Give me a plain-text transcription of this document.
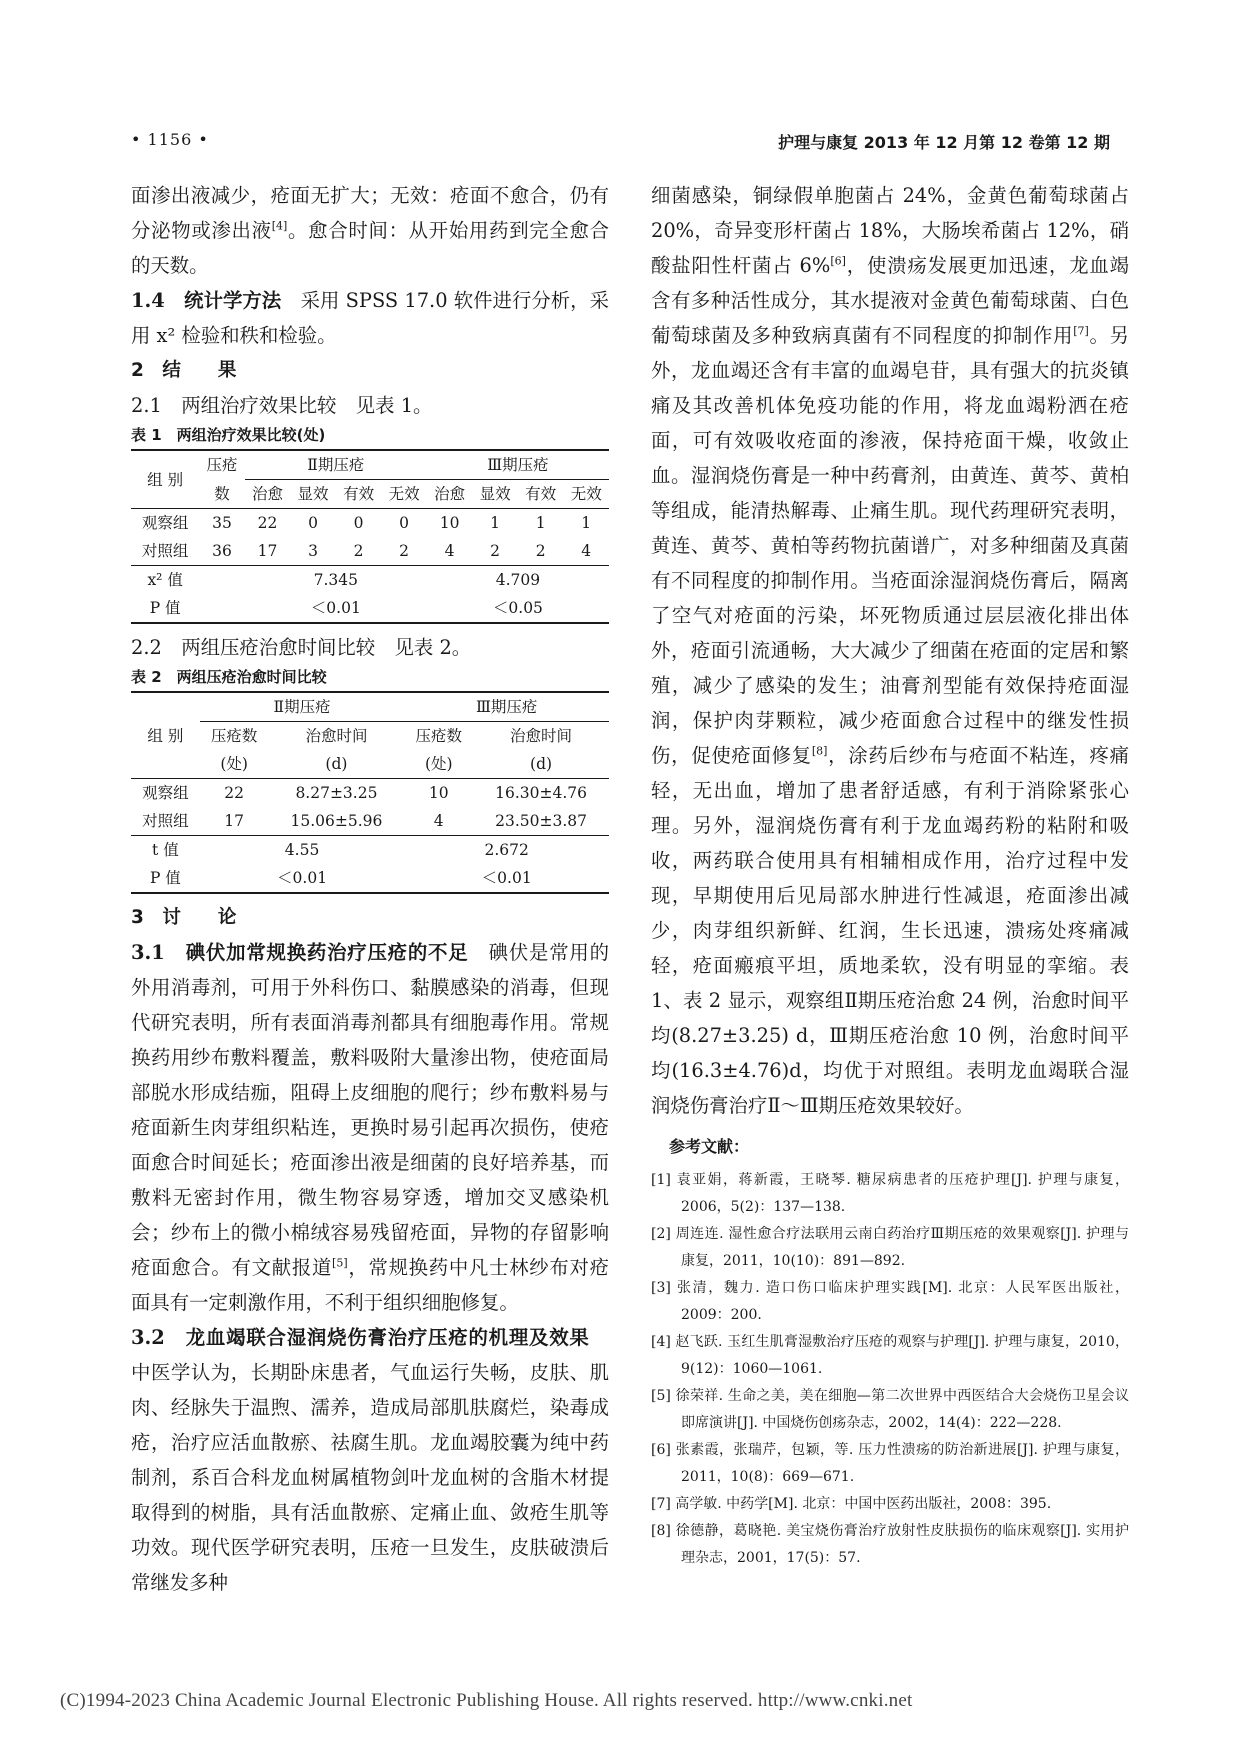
• 1156 •	护理与康复 2013 年 12 月第 12 卷第 12 期

面渗出液减少，疮面无扩大；无效：疮面不愈合，仍有分泌物或渗出液[4]。愈合时间：从开始用药到完全愈合的天数。

1.4　统计学方法　采用 SPSS 17.0 软件进行分析，采用 x² 检验和秩和检验。

2　结　　果

2.1　两组治疗效果比较　见表 1。

表 1　两组治疗效果比较(处)

组 别	压疮	Ⅱ期压疮				Ⅲ期压疮			
	数	治愈	显效	有效	无效	治愈	显效	有效	无效
观察组	35	22	0	0	0	10	1	1	1
对照组	36	17	3	2	2	4	2	2	4
x² 值		7.345				4.709			
P 值		＜0.01				＜0.05			

2.2　两组压疮治愈时间比较　见表 2。

表 2　两组压疮治愈时间比较

组 别	Ⅱ期压疮		Ⅲ期压疮	
	压疮数	治愈时间	压疮数	治愈时间
	(处)	(d)	(处)	(d)
观察组	22	8.27±3.25	10	16.30±4.76
对照组	17	15.06±5.96	4	23.50±3.87
t 值	4.55		2.672	
P 值	＜0.01		＜0.01	

3　讨　　论

3.1　碘伏加常规换药治疗压疮的不足　碘伏是常用的外用消毒剂，可用于外科伤口、黏膜感染的消毒，但现代研究表明，所有表面消毒剂都具有细胞毒作用。常规换药用纱布敷料覆盖，敷料吸附大量渗出物，使疮面局部脱水形成结痂，阻碍上皮细胞的爬行；纱布敷料易与疮面新生肉芽组织粘连，更换时易引起再次损伤，使疮面愈合时间延长；疮面渗出液是细菌的良好培养基，而敷料无密封作用，微生物容易穿透，增加交叉感染机会；纱布上的微小棉绒容易残留疮面，异物的存留影响疮面愈合。有文献报道[5]，常规换药中凡士林纱布对疮面具有一定刺激作用，不利于组织细胞修复。

3.2　龙血竭联合湿润烧伤膏治疗压疮的机理及效果　中医学认为，长期卧床患者，气血运行失畅，皮肤、肌肉、经脉失于温煦、濡养，造成局部肌肤腐烂，染毒成疮，治疗应活血散瘀、祛腐生肌。龙血竭胶囊为纯中药制剂，系百合科龙血树属植物剑叶龙血树的含脂木材提取得到的树脂，具有活血散瘀、定痛止血、敛疮生肌等功效。现代医学研究表明，压疮一旦发生，皮肤破溃后常继发多种

细菌感染，铜绿假单胞菌占 24%，金黄色葡萄球菌占 20%，奇异变形杆菌占 18%，大肠埃希菌占 12%，硝酸盐阳性杆菌占 6%[6]，使溃疡发展更加迅速，龙血竭含有多种活性成分，其水提液对金黄色葡萄球菌、白色葡萄球菌及多种致病真菌有不同程度的抑制作用[7]。另外，龙血竭还含有丰富的血竭皂苷，具有强大的抗炎镇痛及其改善机体免疫功能的作用，将龙血竭粉洒在疮面，可有效吸收疮面的渗液，保持疮面干燥，收敛止血。湿润烧伤膏是一种中药膏剂，由黄连、黄芩、黄柏等组成，能清热解毒、止痛生肌。现代药理研究表明，黄连、黄芩、黄柏等药物抗菌谱广，对多种细菌及真菌有不同程度的抑制作用。当疮面涂湿润烧伤膏后，隔离了空气对疮面的污染，坏死物质通过层层液化排出体外，疮面引流通畅，大大减少了细菌在疮面的定居和繁殖，减少了感染的发生；油膏剂型能有效保持疮面湿润，保护肉芽颗粒，减少疮面愈合过程中的继发性损伤，促使疮面修复[8]，涂药后纱布与疮面不粘连，疼痛轻，无出血，增加了患者舒适感，有利于消除紧张心理。另外，湿润烧伤膏有利于龙血竭药粉的粘附和吸收，两药联合使用具有相辅相成作用，治疗过程中发现，早期使用后见局部水肿进行性减退，疮面渗出减少，肉芽组织新鲜、红润，生长迅速，溃疡处疼痛减轻，疮面瘢痕平坦，质地柔软，没有明显的挛缩。表 1、表 2 显示，观察组Ⅱ期压疮治愈 24 例，治愈时间平均(8.27±3.25) d，Ⅲ期压疮治愈 10 例，治愈时间平均(16.3±4.76)d，均优于对照组。表明龙血竭联合湿润烧伤膏治疗Ⅱ～Ⅲ期压疮效果较好。

参考文献：

[1] 袁亚娟，蒋新霞，王晓琴. 糖尿病患者的压疮护理[J]. 护理与康复，2006，5(2)：137—138.

[2] 周连连. 湿性愈合疗法联用云南白药治疗Ⅲ期压疮的效果观察[J]. 护理与康复，2011，10(10)：891—892.

[3] 张清，魏力. 造口伤口临床护理实践[M]. 北京：人民军医出版社，2009：200.

[4] 赵飞跃. 玉红生肌膏湿敷治疗压疮的观察与护理[J]. 护理与康复，2010，9(12)：1060—1061.

[5] 徐荣祥. 生命之美，美在细胞—第二次世界中西医结合大会烧伤卫星会议即席演讲[J]. 中国烧伤创疡杂志，2002，14(4)：222—228.

[6] 张素霞，张瑞芹，包颖，等. 压力性溃疡的防治新进展[J]. 护理与康复，2011，10(8)：669—671.

[7] 高学敏. 中药学[M]. 北京：中国中医药出版社，2008：395.

[8] 徐德静，葛晓艳. 美宝烧伤膏治疗放射性皮肤损伤的临床观察[J]. 实用护理杂志，2001，17(5)：57.

(C)1994-2023 China Academic Journal Electronic Publishing House. All rights reserved. http://www.cnki.net
